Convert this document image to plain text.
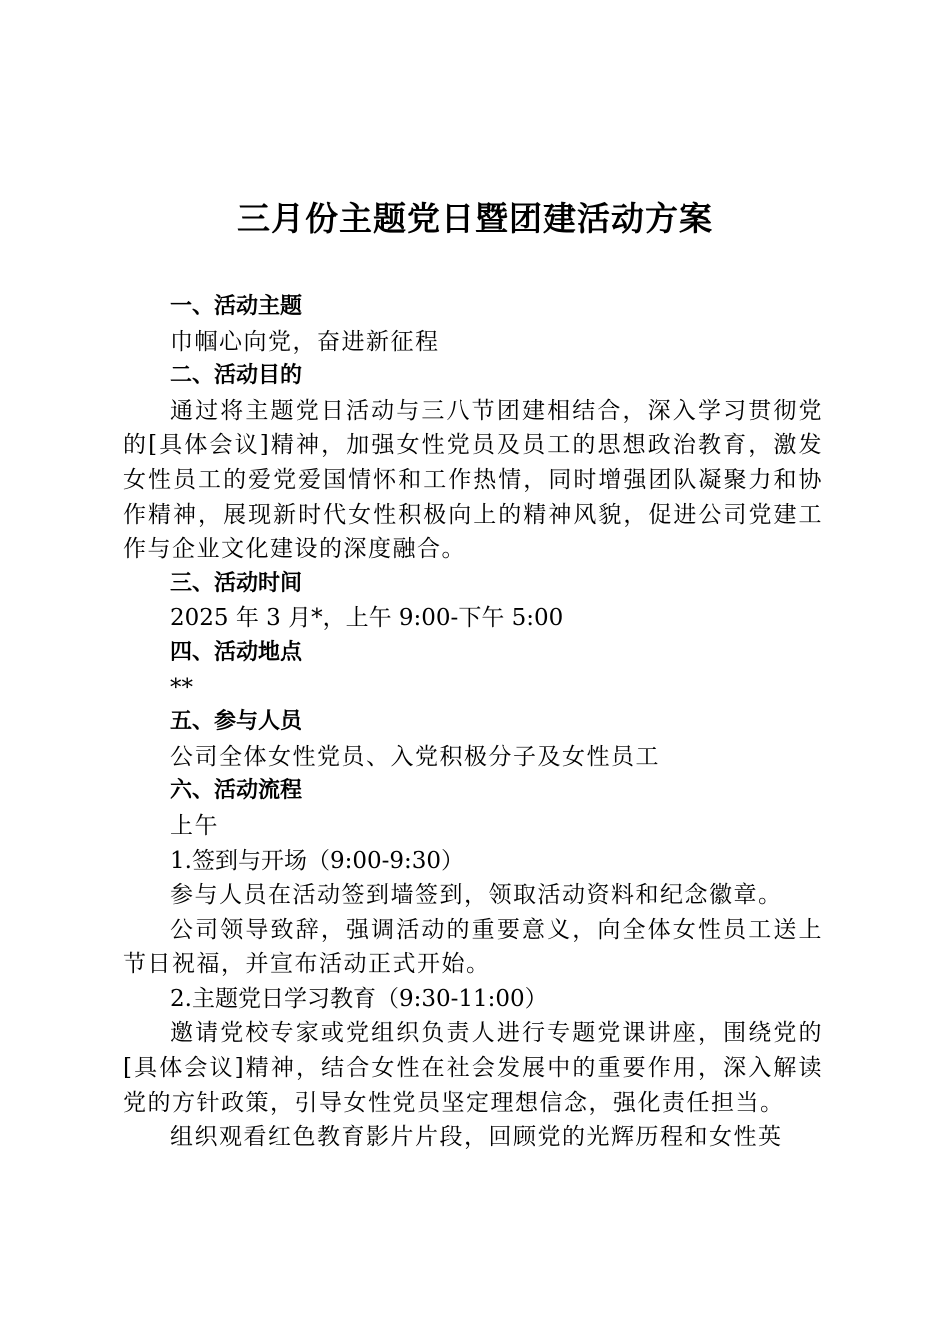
三月份主题党日暨团建活动方案
一、活动主题
巾帼心向党，奋进新征程
二、活动目的

通过将主题党日活动与三八节团建相结合，深入学习贯彻党的[具体会议]精神，加强女性党员及员工的思想政治教育，激发女性员工的爱党爱国情怀和工作热情，同时增强团队凝聚力和协作精神，展现新时代女性积极向上的精神风貌，促进公司党建工作与企业文化建设的深度融合。

三、活动时间
2025 年 3 月*，上午 9:00-下午 5:00
四、活动地点
**
五、参与人员
公司全体女性党员、入党积极分子及女性员工
六、活动流程
上午
1.签到与开场（9:00-9:30）

参与人员在活动签到墙签到，领取活动资料和纪念徽章。

公司领导致辞，强调活动的重要意义，向全体女性员工送上节日祝福，并宣布活动正式开始。

2.主题党日学习教育（9:30-11:00）

邀请党校专家或党组织负责人进行专题党课讲座，围绕党的[具体会议]精神，结合女性在社会发展中的重要作用，深入解读党的方针政策，引导女性党员坚定理想信念，强化责任担当。

组织观看红色教育影片片段，回顾党的光辉历程和女性英
